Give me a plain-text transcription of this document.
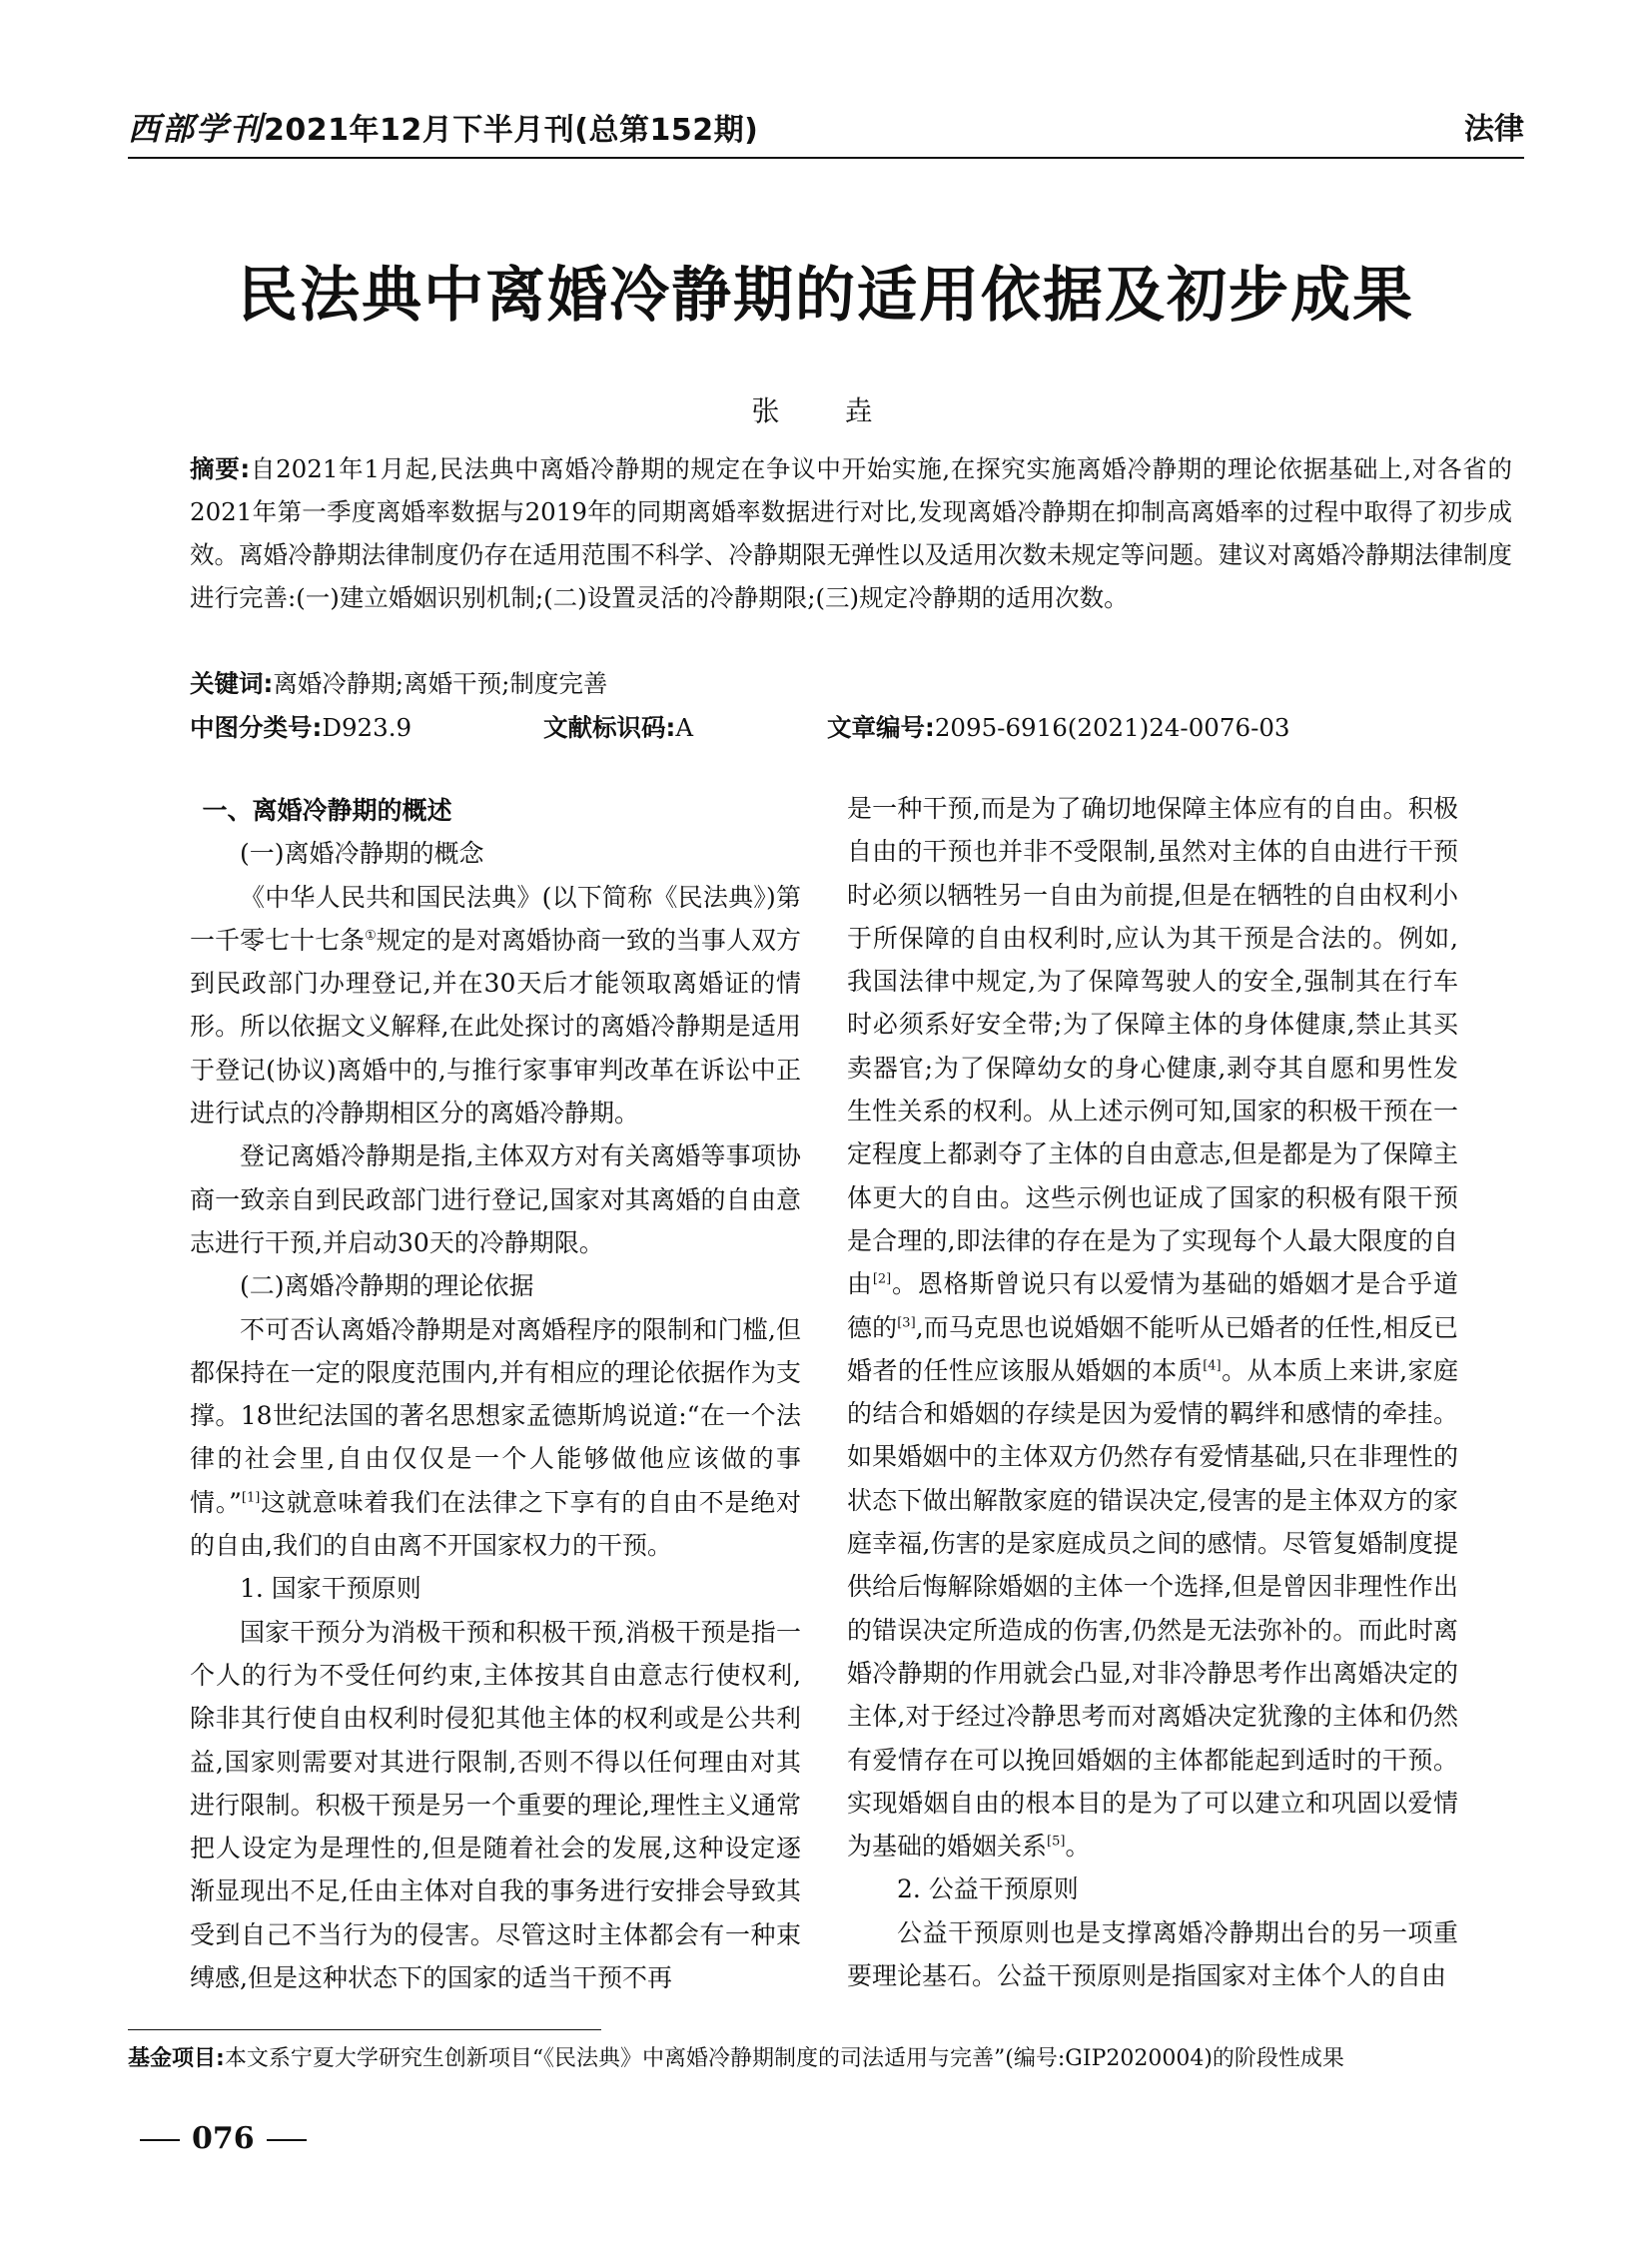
西部学刊2021年12月下半月刊(总第152期)	法律
民法典中离婚冷静期的适用依据及初步成果
张 垚
摘要:自2021年1月起,民法典中离婚冷静期的规定在争议中开始实施,在探究实施离婚冷静期的理论依据基础上,对各省的2021年第一季度离婚率数据与2019年的同期离婚率数据进行对比,发现离婚冷静期在抑制高离婚率的过程中取得了初步成效。离婚冷静期法律制度仍存在适用范围不科学、冷静期限无弹性以及适用次数未规定等问题。建议对离婚冷静期法律制度进行完善:(一)建立婚姻识别机制;(二)设置灵活的冷静期限;(三)规定冷静期的适用次数。
关键词:离婚冷静期;离婚干预;制度完善
中图分类号:D923.9	文献标识码:A	文章编号:2095-6916(2021)24-0076-03
一、离婚冷静期的概述
(一)离婚冷静期的概念

《中华人民共和国民法典》(以下简称《民法典》)第一千零七十七条①规定的是对离婚协商一致的当事人双方到民政部门办理登记,并在30天后才能领取离婚证的情形。所以依据文义解释,在此处探讨的离婚冷静期是适用于登记(协议)离婚中的,与推行家事审判改革在诉讼中正进行试点的冷静期相区分的离婚冷静期。

登记离婚冷静期是指,主体双方对有关离婚等事项协商一致亲自到民政部门进行登记,国家对其离婚的自由意志进行干预,并启动30天的冷静期限。

(二)离婚冷静期的理论依据

不可否认离婚冷静期是对离婚程序的限制和门槛,但都保持在一定的限度范围内,并有相应的理论依据作为支撑。18世纪法国的著名思想家孟德斯鸠说道:“在一个法律的社会里,自由仅仅是一个人能够做他应该做的事情。”[1]这就意味着我们在法律之下享有的自由不是绝对的自由,我们的自由离不开国家权力的干预。

1. 国家干预原则

国家干预分为消极干预和积极干预,消极干预是指一个人的行为不受任何约束,主体按其自由意志行使权利,除非其行使自由权利时侵犯其他主体的权利或是公共利益,国家则需要对其进行限制,否则不得以任何理由对其进行限制。积极干预是另一个重要的理论,理性主义通常把人设定为是理性的,但是随着社会的发展,这种设定逐渐显现出不足,任由主体对自我的事务进行安排会导致其受到自己不当行为的侵害。尽管这时主体都会有一种束缚感,但是这种状态下的国家的适当干预不再

是一种干预,而是为了确切地保障主体应有的自由。积极自由的干预也并非不受限制,虽然对主体的自由进行干预时必须以牺牲另一自由为前提,但是在牺牲的自由权利小于所保障的自由权利时,应认为其干预是合法的。例如,我国法律中规定,为了保障驾驶人的安全,强制其在行车时必须系好安全带;为了保障主体的身体健康,禁止其买卖器官;为了保障幼女的身心健康,剥夺其自愿和男性发生性关系的权利。从上述示例可知,国家的积极干预在一定程度上都剥夺了主体的自由意志,但是都是为了保障主体更大的自由。这些示例也证成了国家的积极有限干预是合理的,即法律的存在是为了实现每个人最大限度的自由[2]。恩格斯曾说只有以爱情为基础的婚姻才是合乎道德的[3],而马克思也说婚姻不能听从已婚者的任性,相反已婚者的任性应该服从婚姻的本质[4]。从本质上来讲,家庭的结合和婚姻的存续是因为爱情的羁绊和感情的牵挂。如果婚姻中的主体双方仍然存有爱情基础,只在非理性的状态下做出解散家庭的错误决定,侵害的是主体双方的家庭幸福,伤害的是家庭成员之间的感情。尽管复婚制度提供给后悔解除婚姻的主体一个选择,但是曾因非理性作出的错误决定所造成的伤害,仍然是无法弥补的。而此时离婚冷静期的作用就会凸显,对非冷静思考作出离婚决定的主体,对于经过冷静思考而对离婚决定犹豫的主体和仍然有爱情存在可以挽回婚姻的主体都能起到适时的干预。实现婚姻自由的根本目的是为了可以建立和巩固以爱情为基础的婚姻关系[5]。

2. 公益干预原则

公益干预原则也是支撑离婚冷静期出台的另一项重要理论基石。公益干预原则是指国家对主体个人的自由

基金项目:本文系宁夏大学研究生创新项目“《民法典》中离婚冷静期制度的司法适用与完善”(编号:GIP2020004)的阶段性成果
076
